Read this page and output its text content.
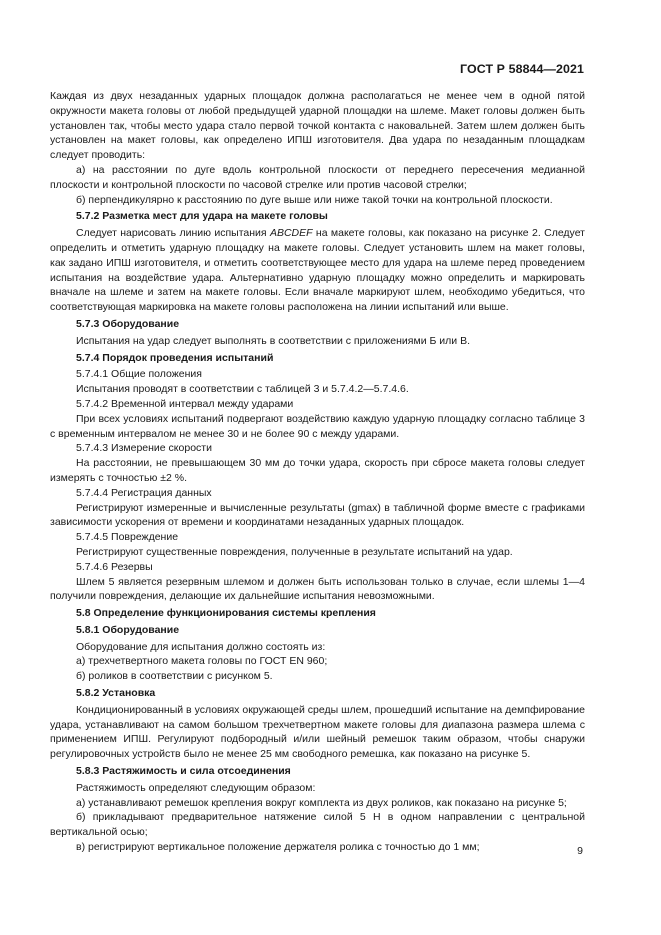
ГОСТ Р 58844—2021

Каждая из двух незаданных ударных площадок должна располагаться не менее чем в одной пятой окружности макета головы от любой предыдущей ударной площадки на шлеме. Макет головы должен быть установлен так, чтобы место удара стало первой точкой контакта с наковальней. Затем шлем должен быть установлен на макет головы, как определено ИПШ изготовителя. Два удара по незаданным площадкам следует проводить:

а) на расстоянии по дуге вдоль контрольной плоскости от переднего пересечения медианной плоскости и контрольной плоскости по часовой стрелке или против часовой стрелки;

б) перпендикулярно к расстоянию по дуге выше или ниже такой точки на контрольной плоскости.

5.7.2 Разметка мест для удара на макете головы

Следует нарисовать линию испытания ABCDEF на макете головы, как показано на рисунке 2. Следует определить и отметить ударную площадку на макете головы. Следует установить шлем на макет головы, как задано ИПШ изготовителя, и отметить соответствующее место для удара на шлеме перед проведением испытания на воздействие удара. Альтернативно ударную площадку можно определить и маркировать вначале на шлеме и затем на макете головы. Если вначале маркируют шлем, необходимо убедиться, что соответствующая маркировка на макете головы расположена на линии испытаний или выше.

5.7.3 Оборудование

Испытания на удар следует выполнять в соответствии с приложениями Б или В.

5.7.4 Порядок проведения испытаний

5.7.4.1 Общие положения

Испытания проводят в соответствии с таблицей 3 и 5.7.4.2—5.7.4.6.

5.7.4.2 Временной интервал между ударами

При всех условиях испытаний подвергают воздействию каждую ударную площадку согласно таблице 3 с временным интервалом не менее 30 и не более 90 с между ударами.

5.7.4.3 Измерение скорости

На расстоянии, не превышающем 30 мм до точки удара, скорость при сбросе макета головы следует измерять с точностью ±2 %.

5.7.4.4 Регистрация данных

Регистрируют измеренные и вычисленные результаты (gmax) в табличной форме вместе с графиками зависимости ускорения от времени и координатами незаданных ударных площадок.

5.7.4.5 Повреждение

Регистрируют существенные повреждения, полученные в результате испытаний на удар.

5.7.4.6 Резервы

Шлем 5 является резервным шлемом и должен быть использован только в случае, если шлемы 1—4 получили повреждения, делающие их дальнейшие испытания невозможными.

5.8 Определение функционирования системы крепления

5.8.1 Оборудование

Оборудование для испытания должно состоять из:

а) трехчетвертного макета головы по ГОСТ EN 960;

б) роликов в соответствии с рисунком 5.

5.8.2 Установка

Кондиционированный в условиях окружающей среды шлем, прошедший испытание на демпфирование удара, устанавливают на самом большом трехчетвертном макете головы для диапазона размера шлема с применением ИПШ. Регулируют подбородный и/или шейный ремешок таким образом, чтобы снаружи регулировочных устройств было не менее 25 мм свободного ремешка, как показано на рисунке 5.

5.8.3 Растяжимость и сила отсоединения

Растяжимость определяют следующим образом:

а) устанавливают ремешок крепления вокруг комплекта из двух роликов, как показано на рисунке 5;

б) прикладывают предварительное натяжение силой 5 Н в одном направлении с центральной вертикальной осью;

в) регистрируют вертикальное положение держателя ролика с точностью до 1 мм;	9
